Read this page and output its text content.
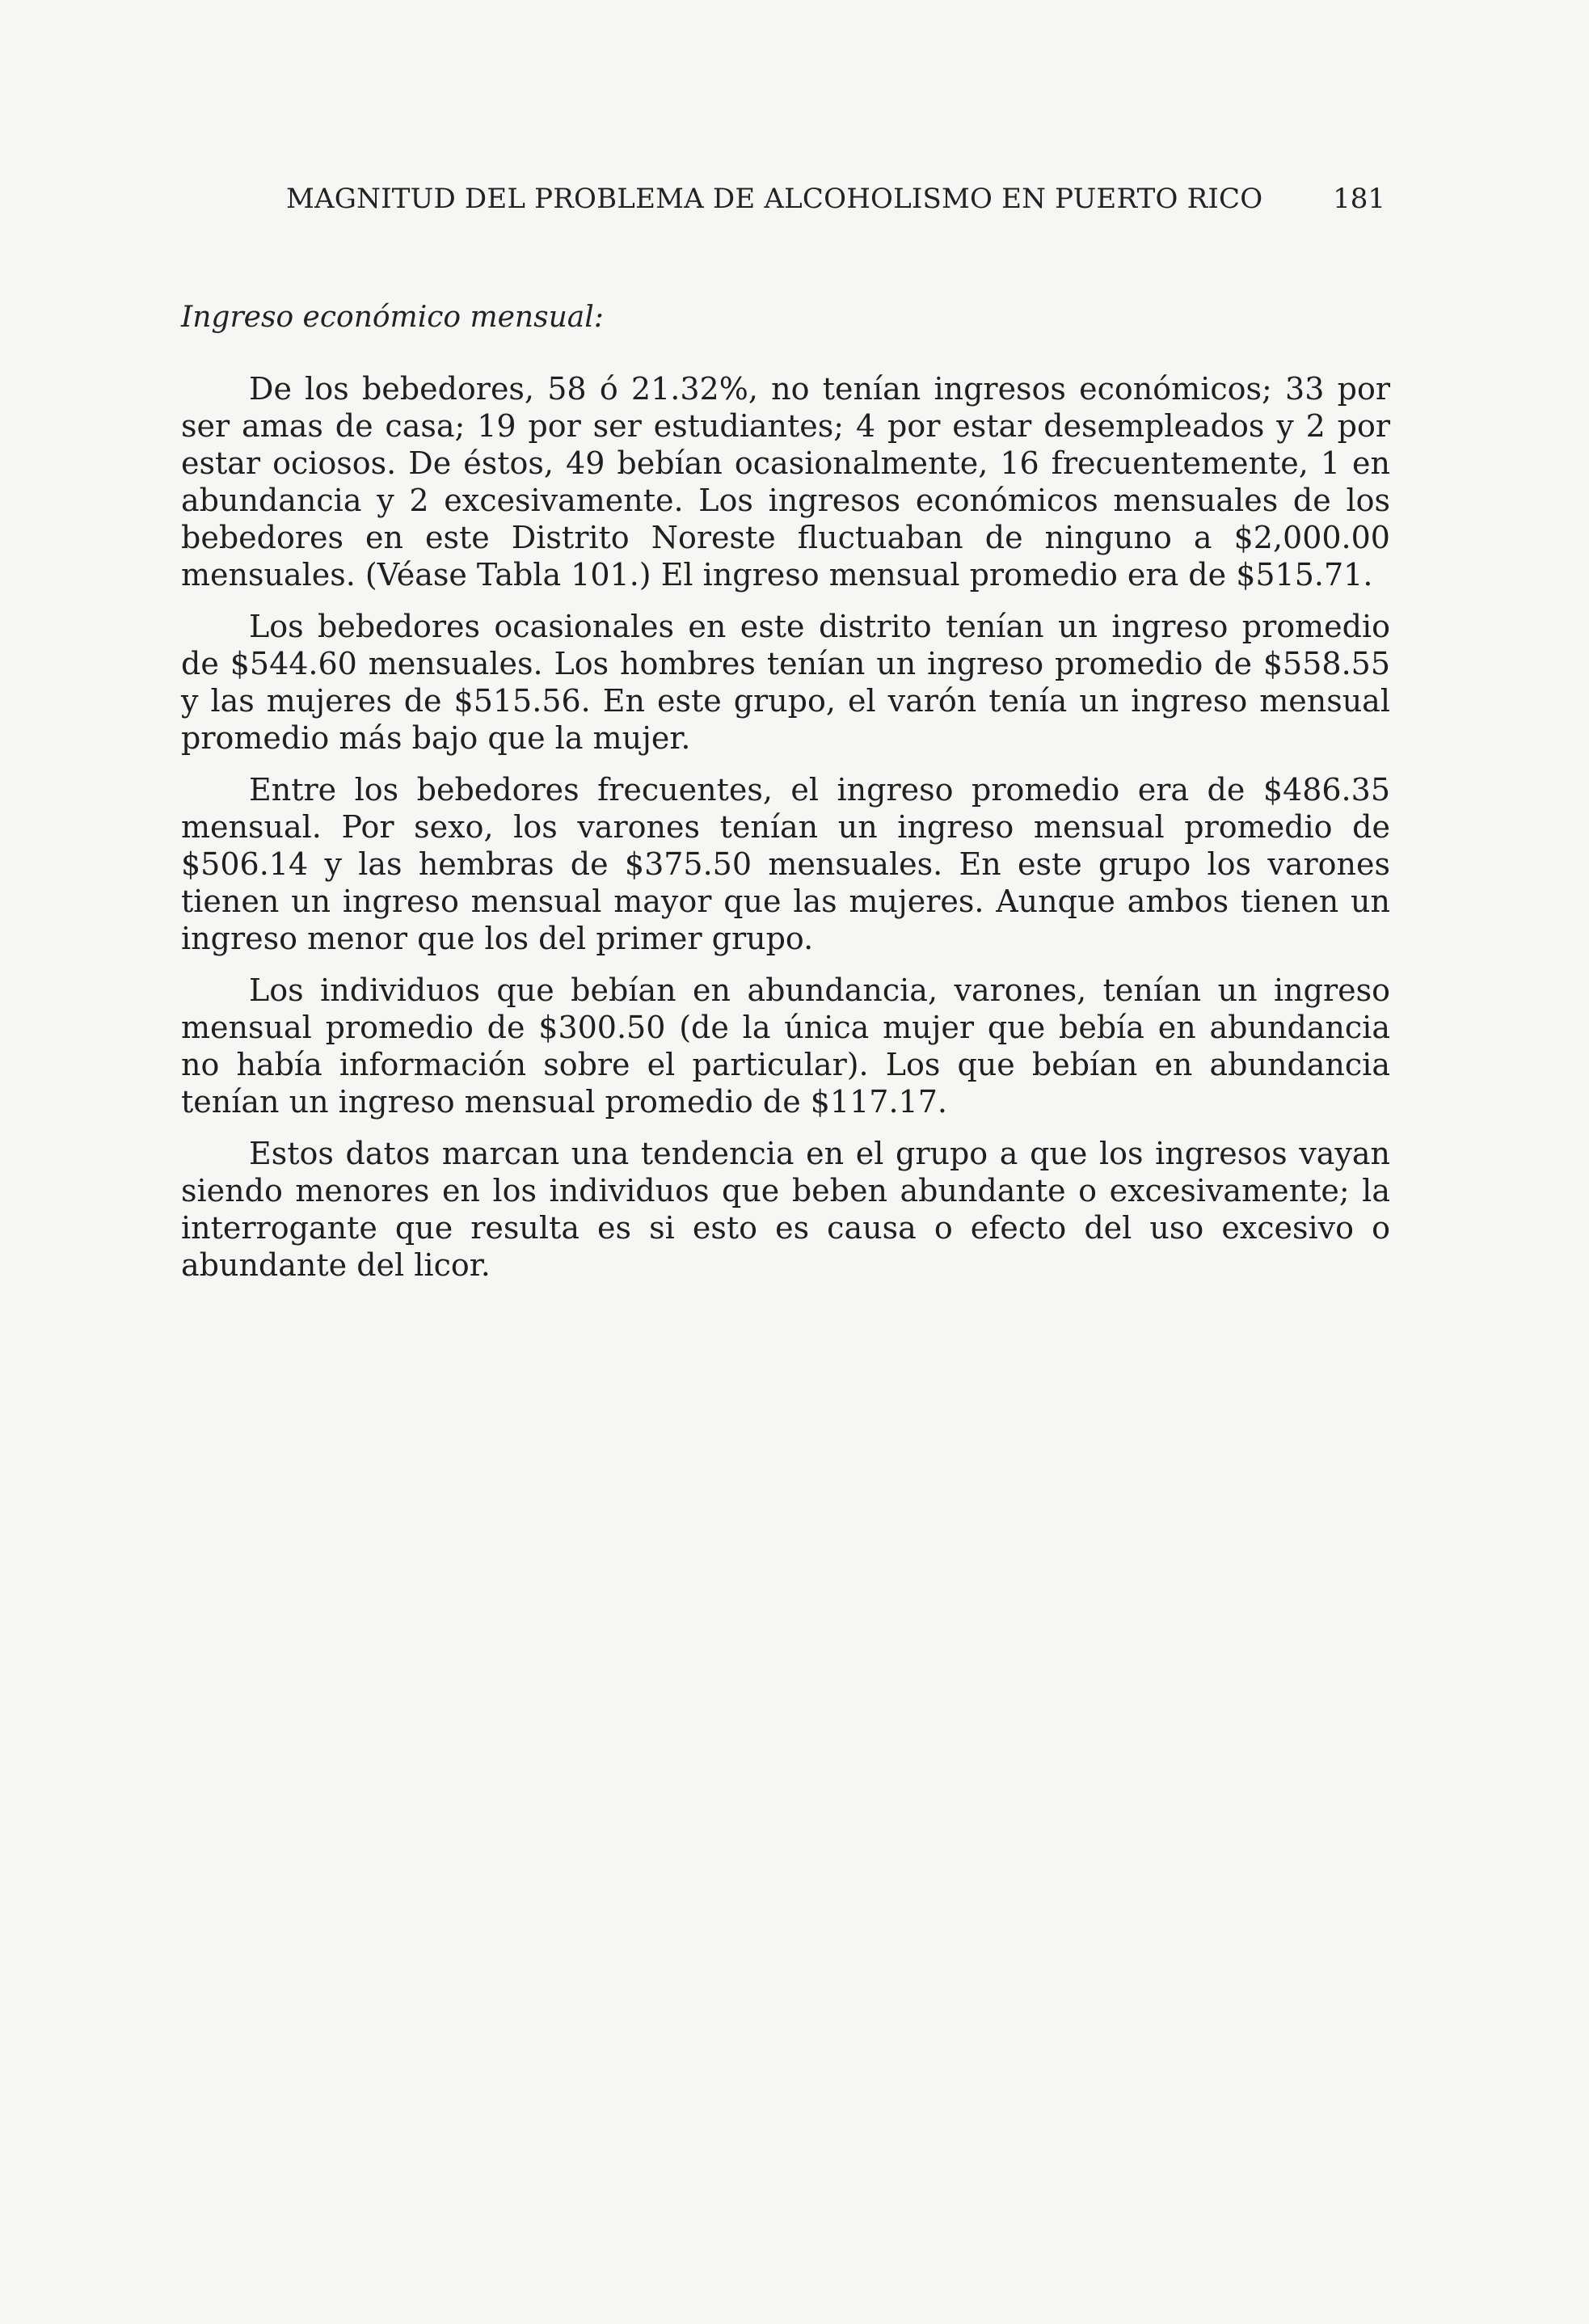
MAGNITUD DEL PROBLEMA DE ALCOHOLISMO EN PUERTO RICO	181
Ingreso económico mensual:

De los bebedores, 58 ó 21.32%, no tenían ingresos económicos; 33 por ser amas de casa; 19 por ser estudiantes; 4 por estar desempleados y 2 por estar ociosos. De éstos, 49 bebían ocasionalmente, 16 frecuentemente, 1 en abundancia y 2 excesivamente. Los ingresos económicos mensuales de los bebedores en este Distrito Noreste fluctuaban de ninguno a $2,000.00 mensuales. (Véase Tabla 101.) El ingreso mensual promedio era de $515.71.

Los bebedores ocasionales en este distrito tenían un ingreso promedio de $544.60 mensuales. Los hombres tenían un ingreso promedio de $558.55 y las mujeres de $515.56. En este grupo, el varón tenía un ingreso mensual promedio más bajo que la mujer.

Entre los bebedores frecuentes, el ingreso promedio era de $486.35 mensual. Por sexo, los varones tenían un ingreso mensual promedio de $506.14 y las hembras de $375.50 mensuales. En este grupo los varones tienen un ingreso mensual mayor que las mujeres. Aunque ambos tienen un ingreso menor que los del primer grupo.

Los individuos que bebían en abundancia, varones, tenían un ingreso mensual promedio de $300.50 (de la única mujer que bebía en abundancia no había información sobre el particular). Los que bebían en abundancia tenían un ingreso mensual promedio de $117.17.

Estos datos marcan una tendencia en el grupo a que los ingresos vayan siendo menores en los individuos que beben abundante o excesivamente; la interrogante que resulta es si esto es causa o efecto del uso excesivo o abundante del licor.
